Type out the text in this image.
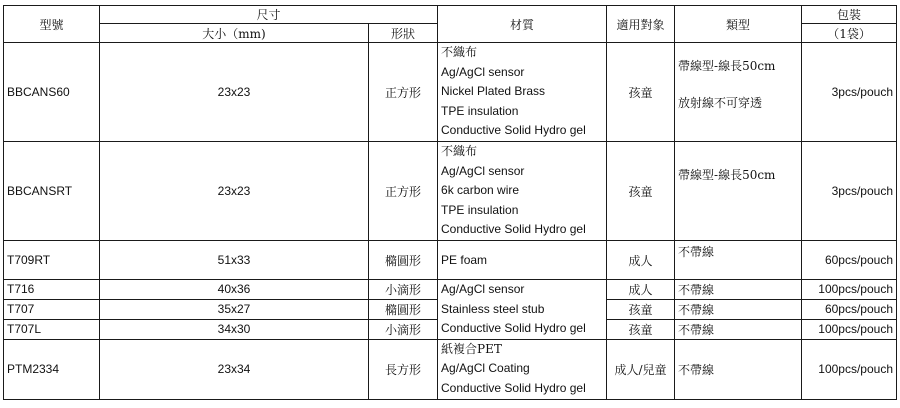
型號	尺寸		材質	適用對象	類型	包裝
	大小（mm)	形狀				（1袋）
BBCANS60	23x23	正方形	不織布
Ag/AgCl sensor
Nickel Plated Brass
TPE insulation
Conductive Solid Hydro gel	孩童	帶線型-線長50cm
放射線不可穿透	3pcs/pouch
BBCANSRT	23x23	正方形	不織布
Ag/AgCl sensor
6k carbon wire
TPE insulation
Conductive Solid Hydro gel	孩童	帶線型-線長50cm	3pcs/pouch
T709RT	51x33	橢圓形	PE foam	成人	不帶線	60pcs/pouch
T716	40x36	小滴形	Ag/AgCl sensor
Stainless steel stub
Conductive Solid Hydro gel	成人	不帶線	100pcs/pouch
T707	35x27	橢圓形		孩童	不帶線	60pcs/pouch
T707L	34x30	小滴形		孩童	不帶線	100pcs/pouch
PTM2334	23x34	長方形	紙複合PET
Ag/AgCl Coating
Conductive Solid Hydro gel	成人/兒童	不帶線	100pcs/pouch
